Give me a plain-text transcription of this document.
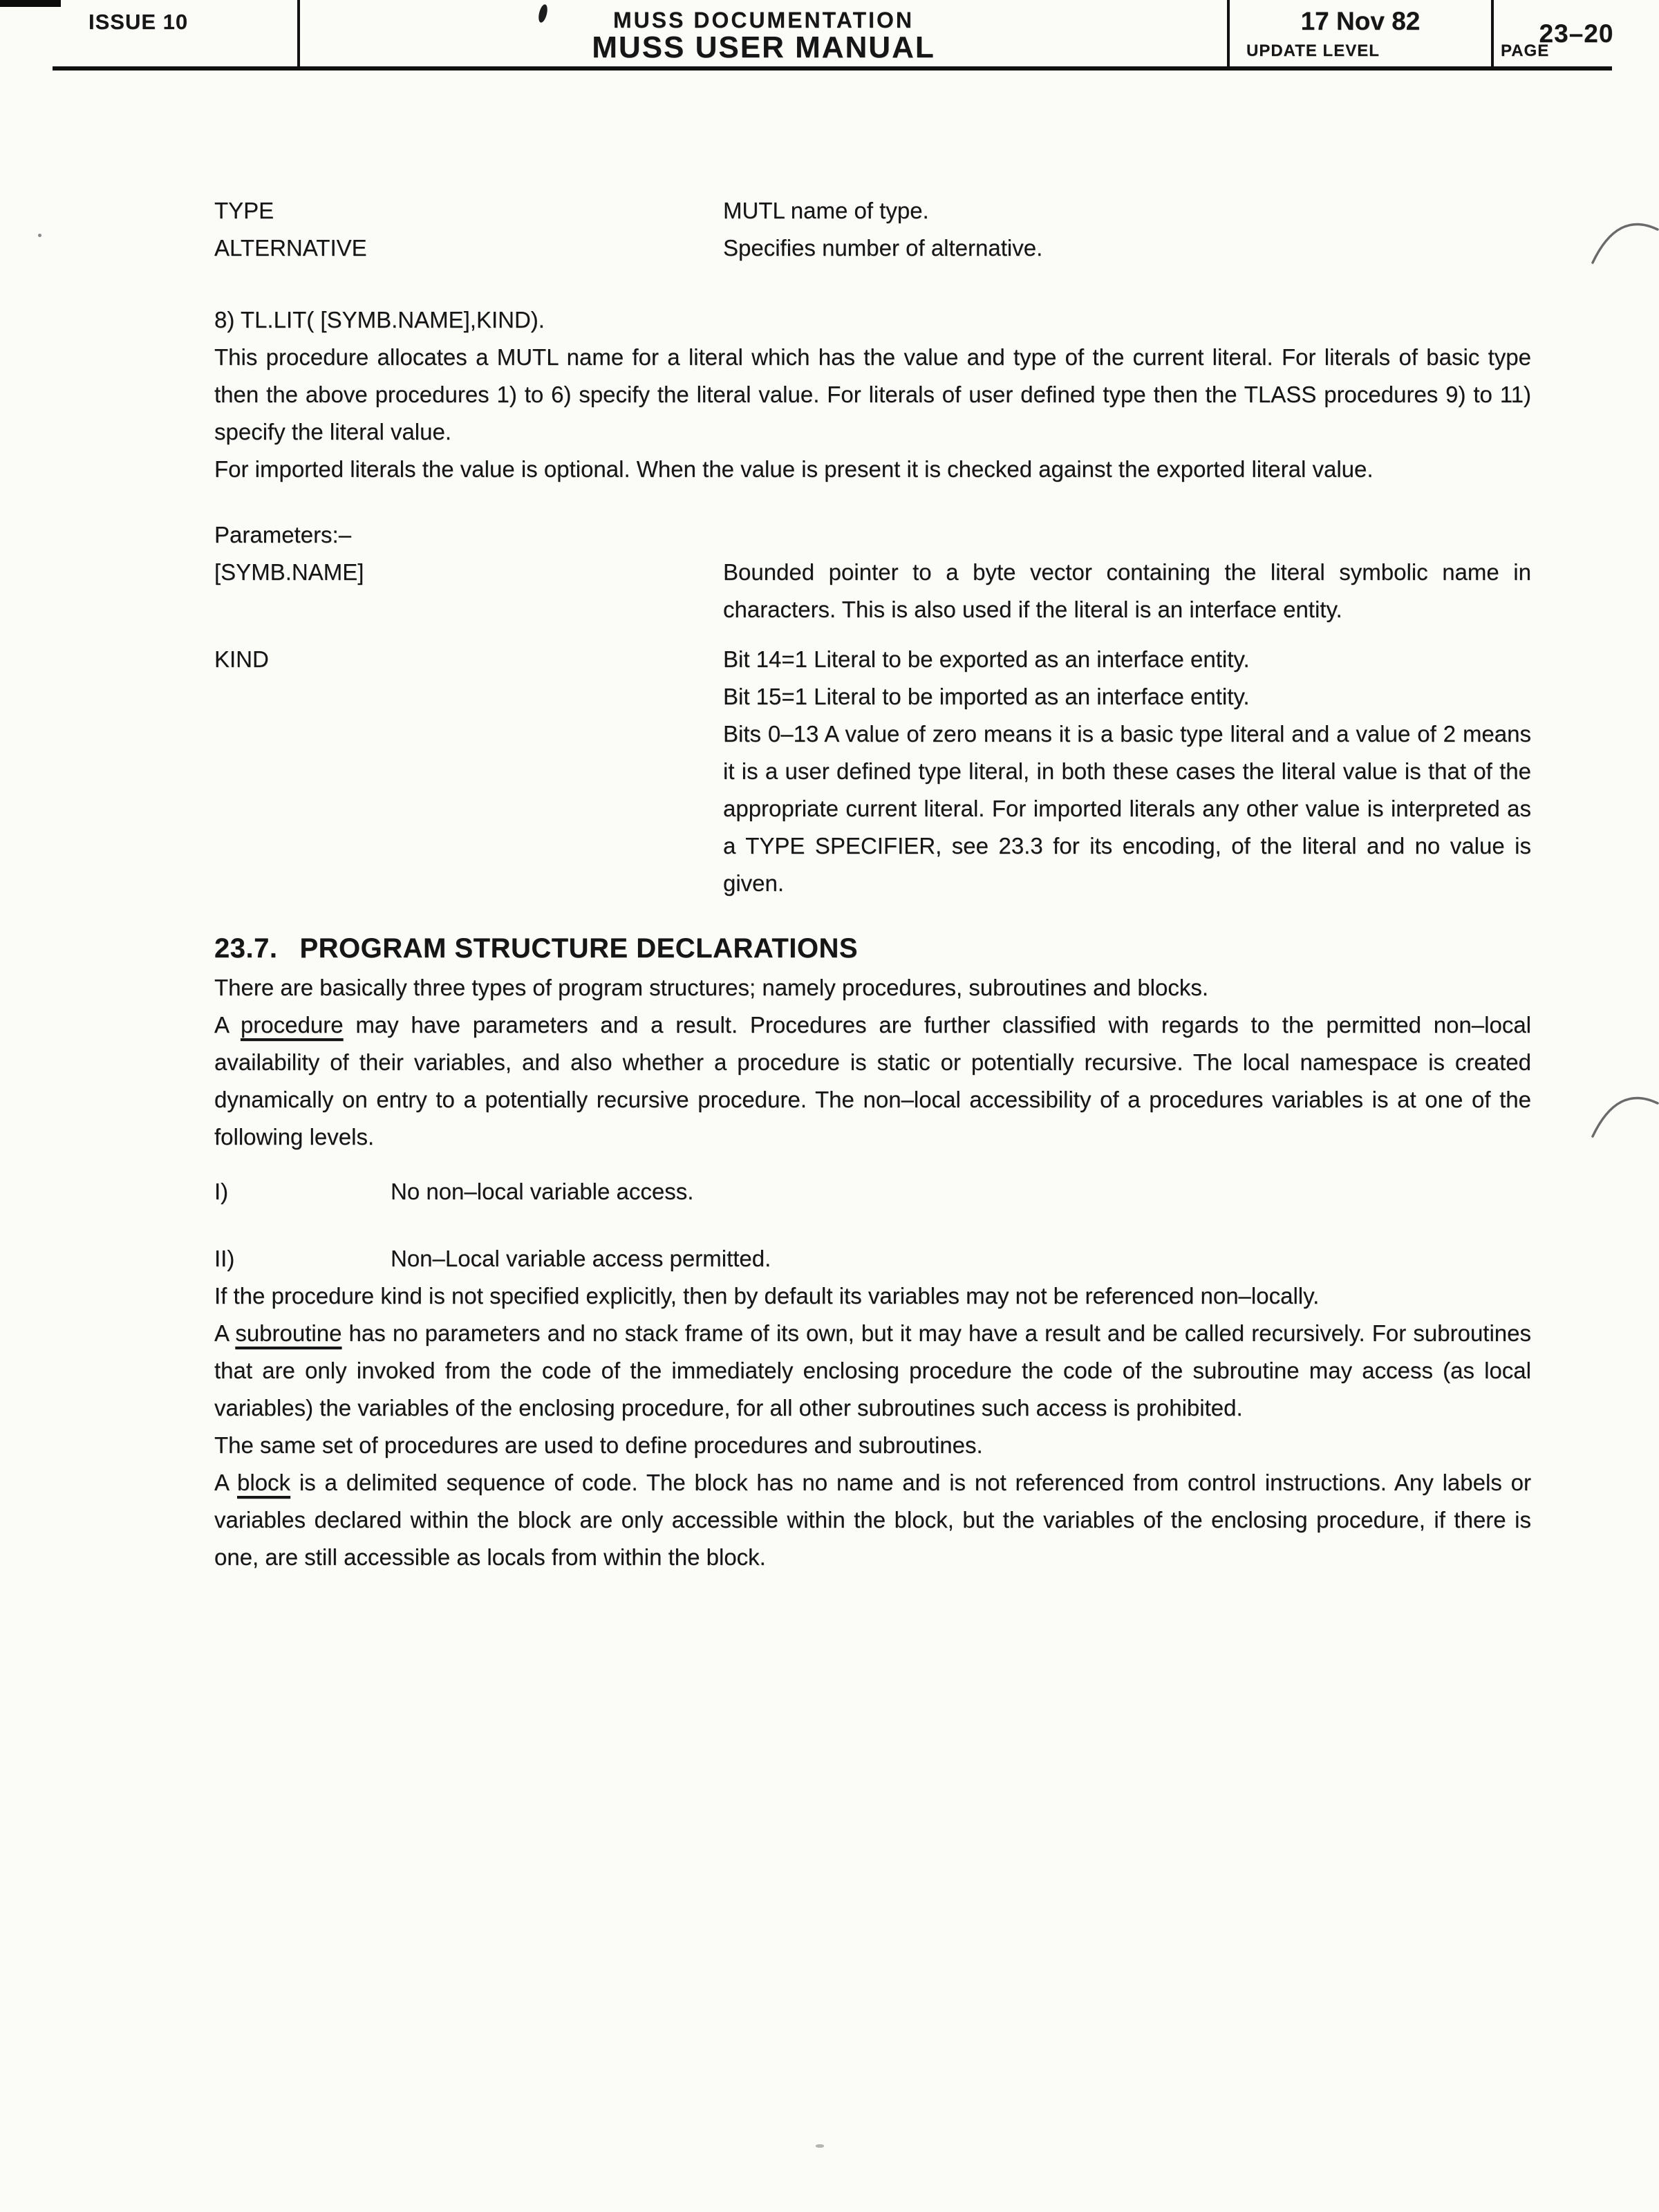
ISSUE 10	MUSS DOCUMENTATION
MUSS USER MANUAL
17 Nov 82
UPDATE LEVEL
23–20
PAGE
TYPE	MUTL name of type.
ALTERNATIVE	Specifies number of alternative.
8) TL.LIT( [SYMB.NAME],KIND).

This procedure allocates a MUTL name for a literal which has the value and type of the current literal. For literals of basic type then the above procedures 1) to 6) specify the literal value. For literals of user defined type then the TLASS procedures 9) to 11) specify the literal value.

For imported literals the value is optional. When the value is present it is checked against the exported literal value.

Parameters:–
[SYMB.NAME]	Bounded pointer to a byte vector containing the literal symbolic name in characters. This is also used if the literal is an interface entity.

KIND	Bit 14=1 Literal to be exported as an interface entity.

Bit 15=1 Literal to be imported as an interface entity.

Bits 0–13 A value of zero means it is a basic type literal and a value of 2 means it is a user defined type literal, in both these cases the literal value is that of the appropriate current literal. For imported literals any other value is interpreted as a TYPE SPECIFIER, see 23.3 for its encoding, of the literal and no value is given.

23.7. PROGRAM STRUCTURE DECLARATIONS

There are basically three types of program structures; namely procedures, subroutines and blocks.

A procedure may have parameters and a result. Procedures are further classified with regards to the permitted non–local availability of their variables, and also whether a procedure is static or potentially recursive. The local namespace is created dynamically on entry to a potentially recursive procedure. The non–local accessibility of a procedures variables is at one of the following levels.

I)	No non–local variable access.
II)	Non–Local variable access permitted.

If the procedure kind is not specified explicitly, then by default its variables may not be referenced non–locally.

A subroutine has no parameters and no stack frame of its own, but it may have a result and be called recursively. For subroutines that are only invoked from the code of the immediately enclosing procedure the code of the subroutine may access (as local variables) the variables of the enclosing procedure, for all other subroutines such access is prohibited.

The same set of procedures are used to define procedures and subroutines.

A block is a delimited sequence of code. The block has no name and is not referenced from control instructions. Any labels or variables declared within the block are only accessible within the block, but the variables of the enclosing procedure, if there is one, are still accessible as locals from within the block.
